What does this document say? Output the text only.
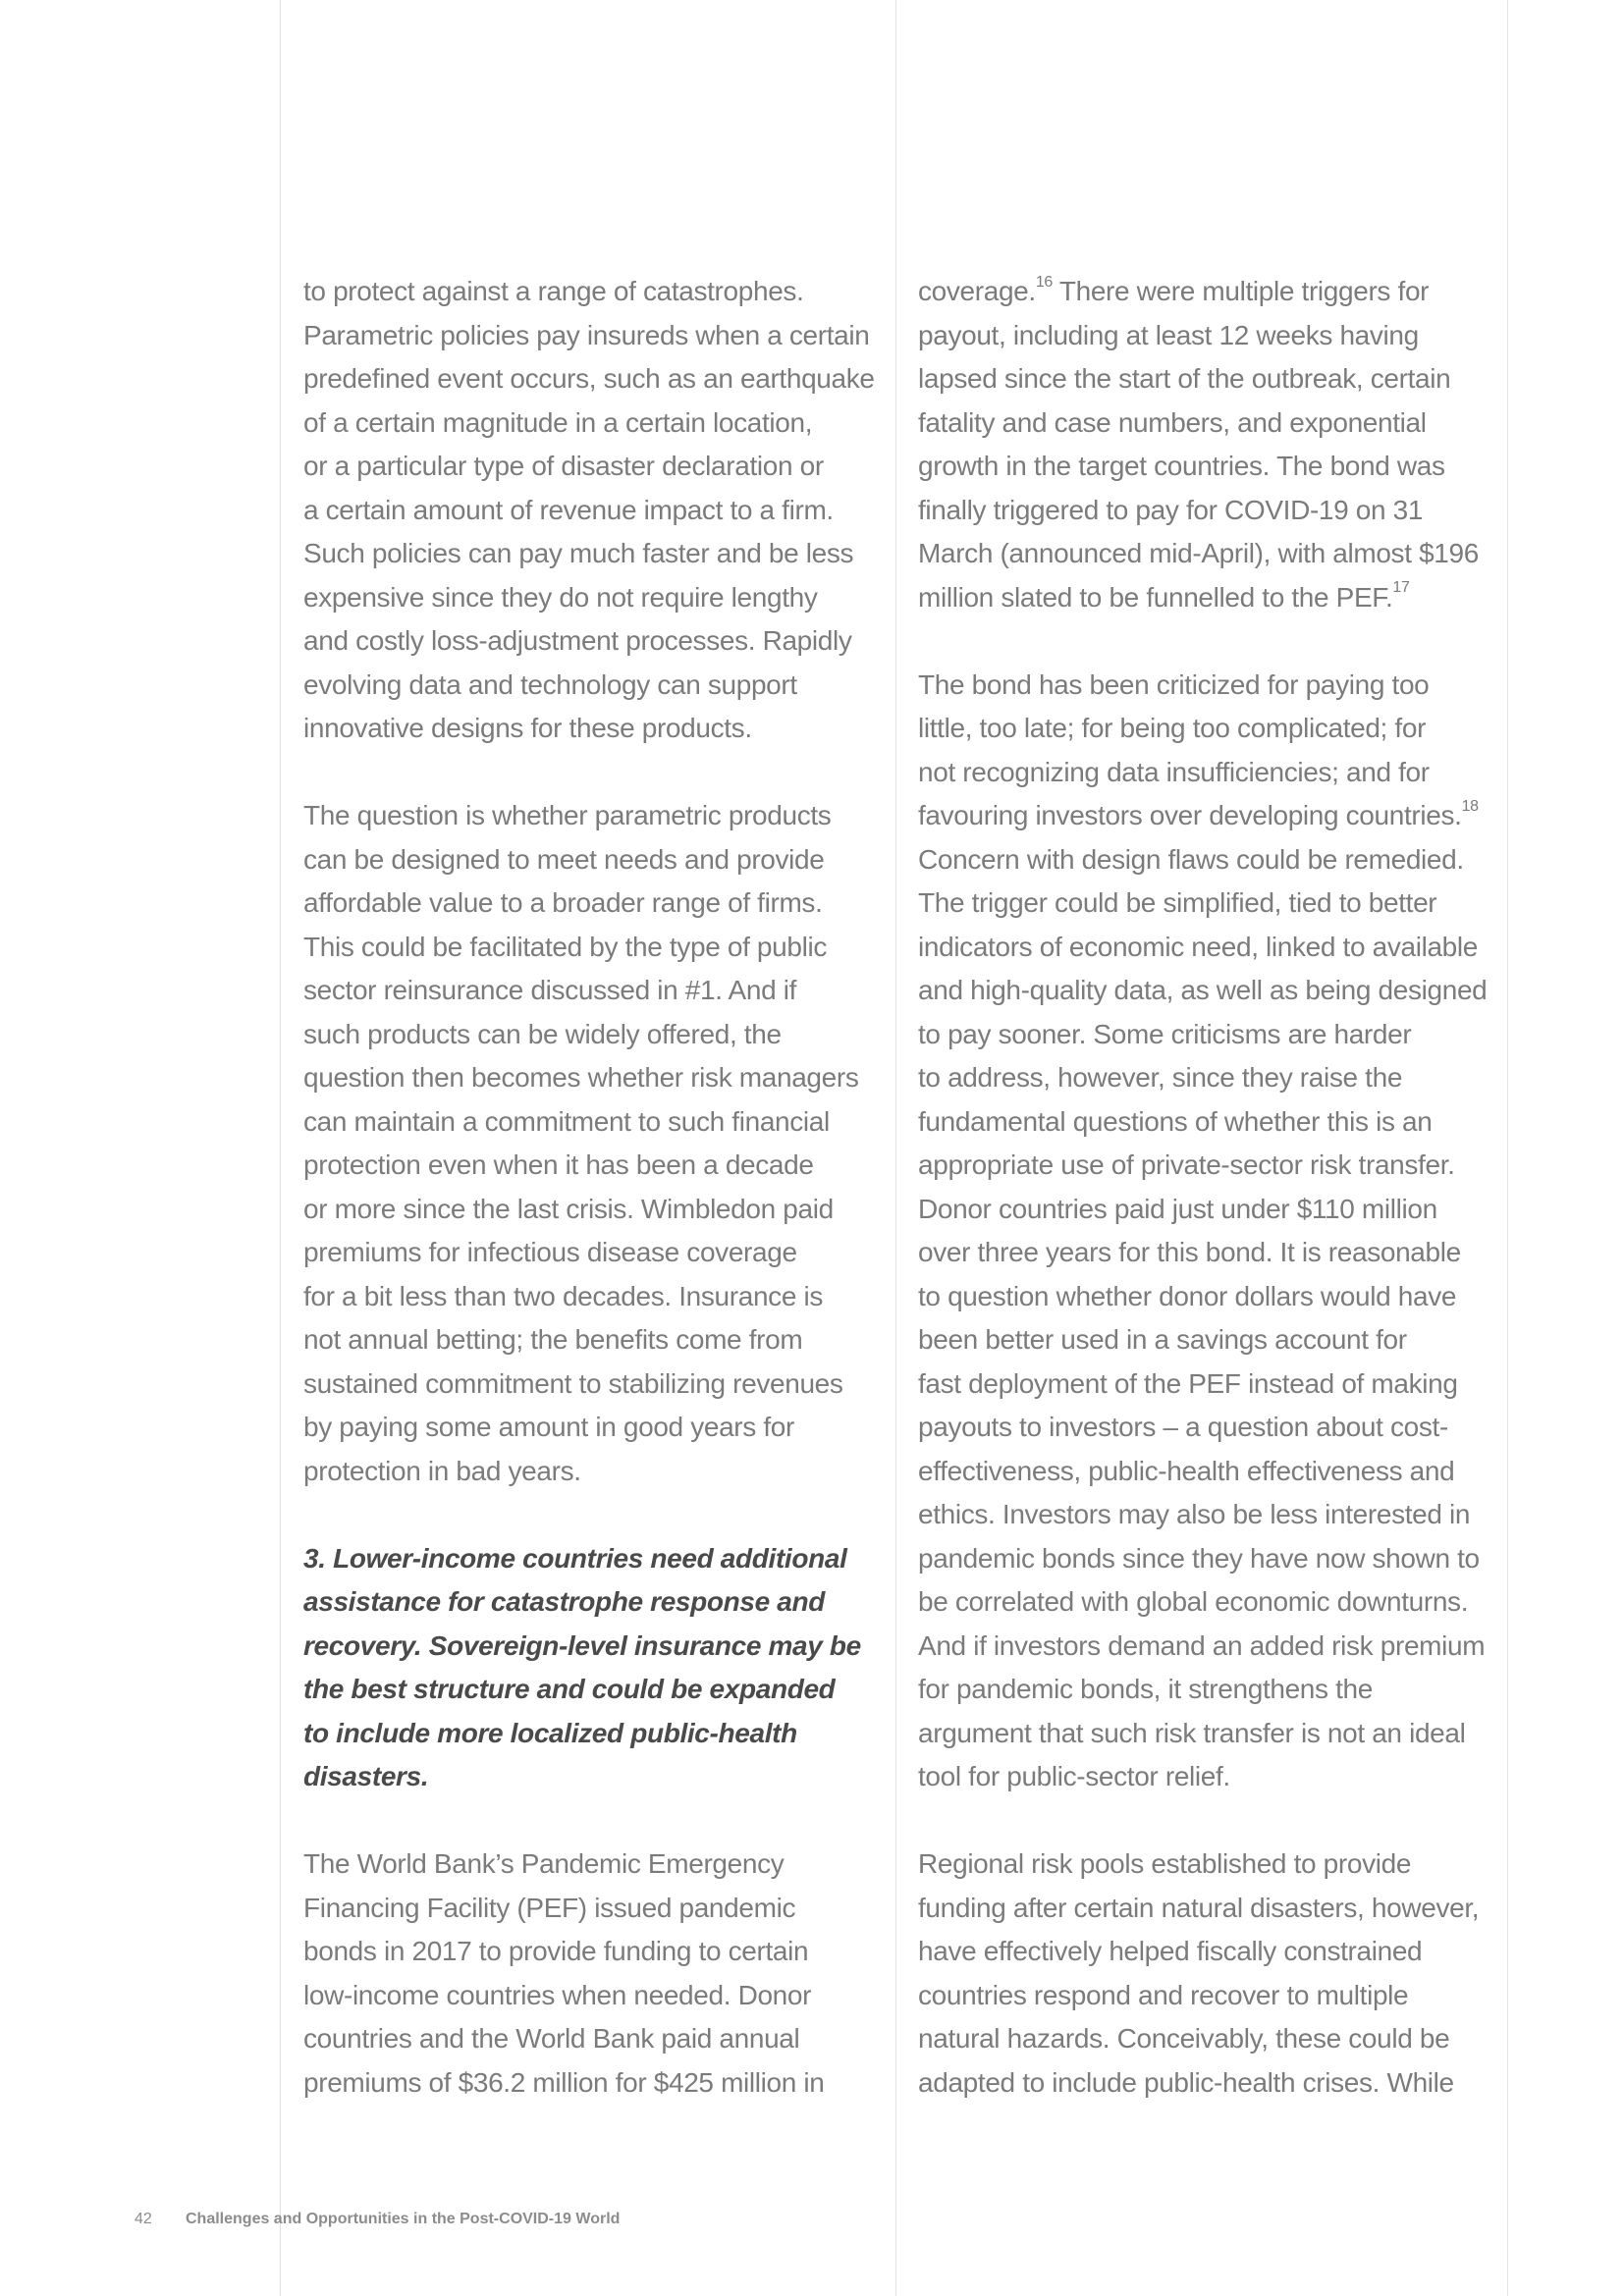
to protect against a range of catastrophes.
Parametric policies pay insureds when a certain
predefined event occurs, such as an earthquake
of a certain magnitude in a certain location,
or a particular type of disaster declaration or
a certain amount of revenue impact to a firm.
Such policies can pay much faster and be less
expensive since they do not require lengthy
and costly loss-adjustment processes. Rapidly
evolving data and technology can support
innovative designs for these products.

The question is whether parametric products
can be designed to meet needs and provide
affordable value to a broader range of firms.
This could be facilitated by the type of public
sector reinsurance discussed in #1. And if
such products can be widely offered, the
question then becomes whether risk managers
can maintain a commitment to such financial
protection even when it has been a decade
or more since the last crisis. Wimbledon paid
premiums for infectious disease coverage
for a bit less than two decades. Insurance is
not annual betting; the benefits come from
sustained commitment to stabilizing revenues
by paying some amount in good years for
protection in bad years.

3. Lower-income countries need additional
assistance for catastrophe response and
recovery. Sovereign-level insurance may be
the best structure and could be expanded
to include more localized public-health
disasters.

The World Bank’s Pandemic Emergency
Financing Facility (PEF) issued pandemic
bonds in 2017 to provide funding to certain
low-income countries when needed. Donor
countries and the World Bank paid annual
premiums of $36.2 million for $425 million in

coverage.$^{16}$ There were multiple triggers for
payout, including at least 12 weeks having
lapsed since the start of the outbreak, certain
fatality and case numbers, and exponential
growth in the target countries. The bond was
finally triggered to pay for COVID-19 on 31
March (announced mid-April), with almost $196
million slated to be funnelled to the PEF.$^{17}$

The bond has been criticized for paying too
little, too late; for being too complicated; for
not recognizing data insufficiencies; and for
favouring investors over developing countries.$^{18}$
Concern with design flaws could be remedied.
The trigger could be simplified, tied to better
indicators of economic need, linked to available
and high-quality data, as well as being designed
to pay sooner. Some criticisms are harder
to address, however, since they raise the
fundamental questions of whether this is an
appropriate use of private-sector risk transfer.
Donor countries paid just under $110 million
over three years for this bond. It is reasonable
to question whether donor dollars would have
been better used in a savings account for
fast deployment of the PEF instead of making
payouts to investors – a question about cost-
effectiveness, public-health effectiveness and
ethics. Investors may also be less interested in
pandemic bonds since they have now shown to
be correlated with global economic downturns.
And if investors demand an added risk premium
for pandemic bonds, it strengthens the
argument that such risk transfer is not an ideal
tool for public-sector relief.

Regional risk pools established to provide
funding after certain natural disasters, however,
have effectively helped fiscally constrained
countries respond and recover to multiple
natural hazards. Conceivably, these could be
adapted to include public-health crises. While

42 Challenges and Opportunities in the Post-COVID-19 World
